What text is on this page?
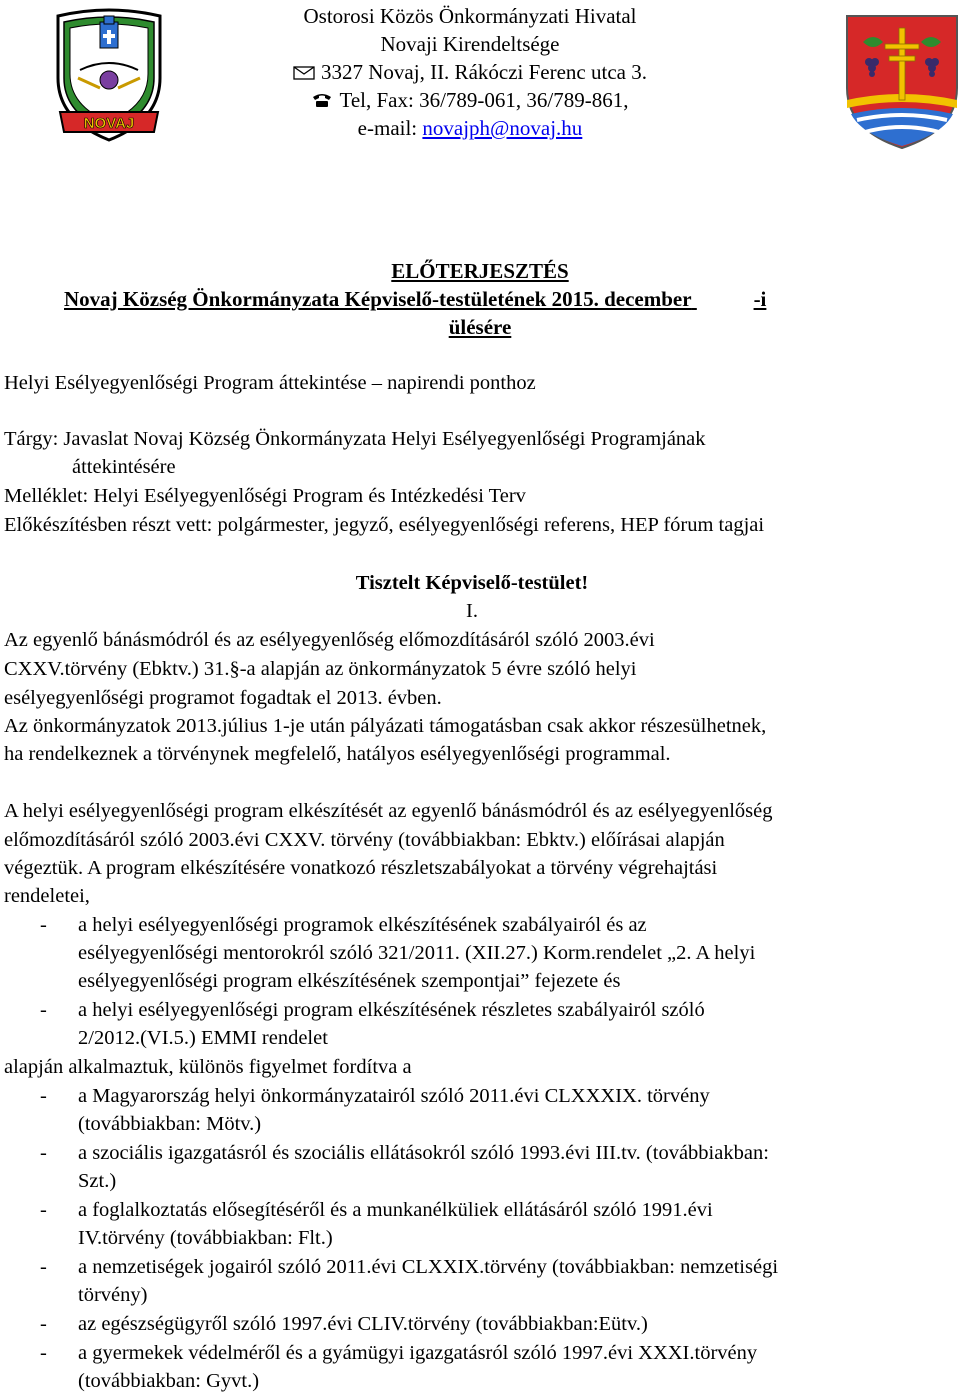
NOVAJ
Ostorosi Közös Önkormányzati Hivatal
Novaji Kirendeltsége
3327 Novaj, II. Rákóczi Ferenc utca 3.
Tel, Fax: 36/789-061, 36/789-861,
e-mail: novajph@novaj.hu
ELŐTERJESZTÉS
Novaj Község Önkormányzata Képviselő-testületének 2015. december	-i
ülésére
Helyi Esélyegyenlőségi Program áttekintése – napirendi ponthoz
Tárgy: Javaslat Novaj Község Önkormányzata Helyi Esélyegyenlőségi Programjának
áttekintésére
Melléklet: Helyi Esélyegyenlőségi Program és Intézkedési Terv
Előkészítésben részt vett: polgármester, jegyző, esélyegyenlőségi referens, HEP fórum tagjai
Tisztelt Képviselő-testület!
I.
Az egyenlő bánásmódról és az esélyegyenlőség előmozdításáról szóló 2003.évi
CXXV.törvény (Ebktv.) 31.§-a alapján az önkormányzatok 5 évre szóló helyi
esélyegyenlőségi programot fogadtak el 2013. évben.
Az önkormányzatok 2013.július 1-je után pályázati támogatásban csak akkor részesülhetnek,
ha rendelkeznek a törvénynek megfelelő, hatályos esélyegyenlőségi programmal.
A helyi esélyegyenlőségi program elkészítését az egyenlő bánásmódról és az esélyegyenlőség
előmozdításáról szóló 2003.évi CXXV. törvény (továbbiakban: Ebktv.) előírásai alapján
végeztük. A program elkészítésére vonatkozó részletszabályokat a törvény végrehajtási
rendeletei,
- a helyi esélyegyenlőségi programok elkészítésének szabályairól és az
esélyegyenlőségi mentorokról szóló 321/2011. (XII.27.) Korm.rendelet „2. A helyi
esélyegyenlőségi program elkészítésének szempontjai” fejezete és
- a helyi esélyegyenlőségi program elkészítésének részletes szabályairól szóló
2/2012.(VI.5.) EMMI rendelet
alapján alkalmaztuk, különös figyelmet fordítva a
- a Magyarország helyi önkormányzatairól szóló 2011.évi CLXXXIX. törvény
(továbbiakban: Mötv.)
- a szociális igazgatásról és szociális ellátásokról szóló 1993.évi III.tv. (továbbiakban:
Szt.)
- a foglalkoztatás elősegítéséről és a munkanélküliek ellátásáról szóló 1991.évi
IV.törvény (továbbiakban: Flt.)
- a nemzetiségek jogairól szóló 2011.évi CLXXIX.törvény (továbbiakban: nemzetiségi
törvény)
- az egészségügyről szóló 1997.évi CLIV.törvény (továbbiakban:Eütv.)
- a gyermekek védelméről és a gyámügyi igazgatásról szóló 1997.évi XXXI.törvény
(továbbiakban: Gyvt.)
